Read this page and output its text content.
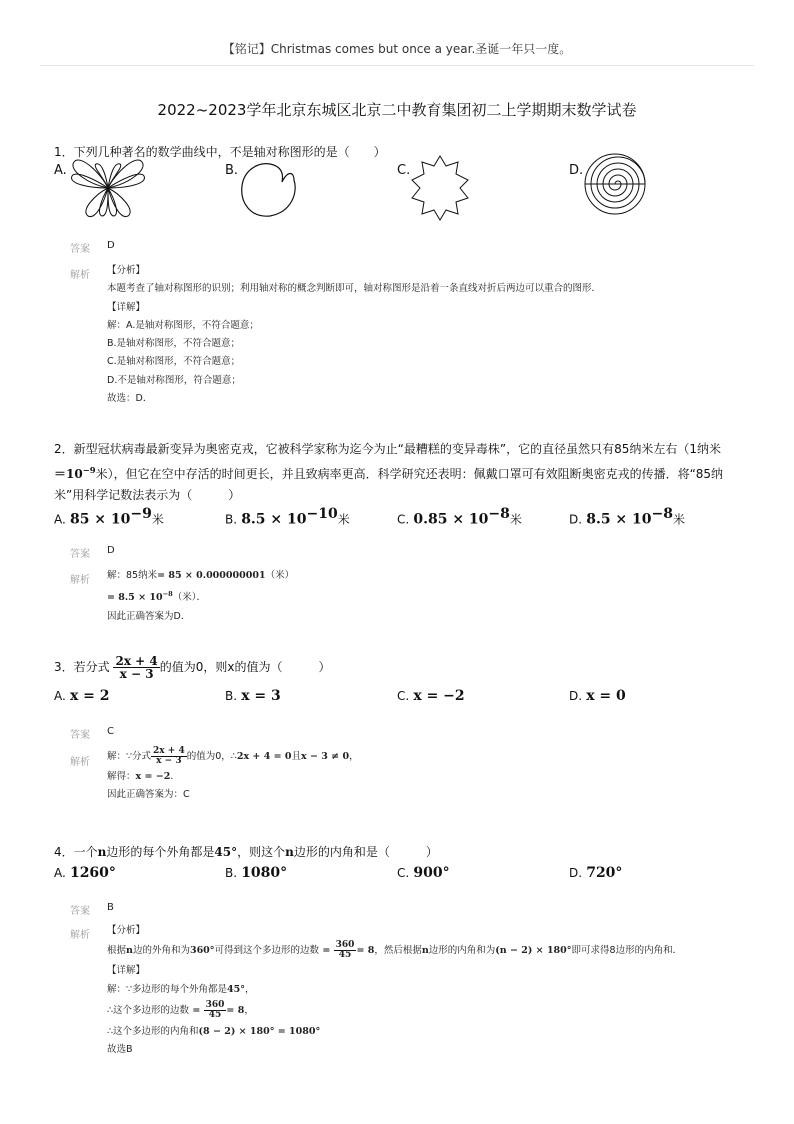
【铭记】Christmas comes but once a year.圣诞一年只一度。
2022~2023学年北京东城区北京二中教育集团初二上学期期末数学试卷
1．下列几种著名的数学曲线中，不是轴对称图形的是（　　）
A.	B.	C.	D.
答案 D
解析 【分析】
本题考查了轴对称图形的识别；利用轴对称的概念判断即可，轴对称图形是沿着一条直线对折后两边可以重合的图形．
【详解】
解：A.是轴对称图形，不符合题意；
B.是轴对称图形，不符合题意；
C.是轴对称图形，不符合题意；
D.不是轴对称图形，符合题意；
故选：D．
2．新型冠状病毒最新变异为奥密克戎，它被科学家称为迄今为止“最糟糕的变异毒株”，它的直径虽然只有85纳米左右（1纳米
$=10^{-9}$米），但它在空中存活的时间更长，并且致病率更高．科学研究还表明：佩戴口罩可有效阻断奥密克戎的传播．将“85纳
米”用科学记数法表示为（　　　）
A. 85 × 10−9米	B. 8.5 × 10−10米	C. 0.85 × 10−8米	D. 8.5 × 10−8米
答案 D
解析 解：85纳米= 85 × 0.000000001（米）
= $8.5 \times 10^{-8}$（米）．
因此正确答案为D．
3．若分式 $\frac{2x + 4}{x - 3}$ 的值为0，则x的值为（　　　）
A. x = 2	B. x = 3	C. x = −2	D. x = 0
答案 C
解析
解：∵分式 $\frac{2x + 4}{x - 3}$ 的值为0，∴2x + 4 = 0且x − 3 ≠ 0，
解得：x = −2．
因此正确答案为：C
4．一个n边形的每个外角都是45°，则这个n边形的内角和是（　　　）
A. 1260°	B. 1080°	C. 900°	D. 720°
答案 B
解析 【分析】
根据n边的外角和为360°可得到这个多边形的边数 = $\frac{360}{45} = 8$，然后根据n边形的内角和为(n − 2) × 180°即可求得8边形的内角和．
【详解】
解：∵多边形的每个外角都是45°，
∴这个多边形的边数 = $\frac{360}{45} = 8$，
∴这个多边形的内角和(8 − 2) × 180° = 1080°
故选B
